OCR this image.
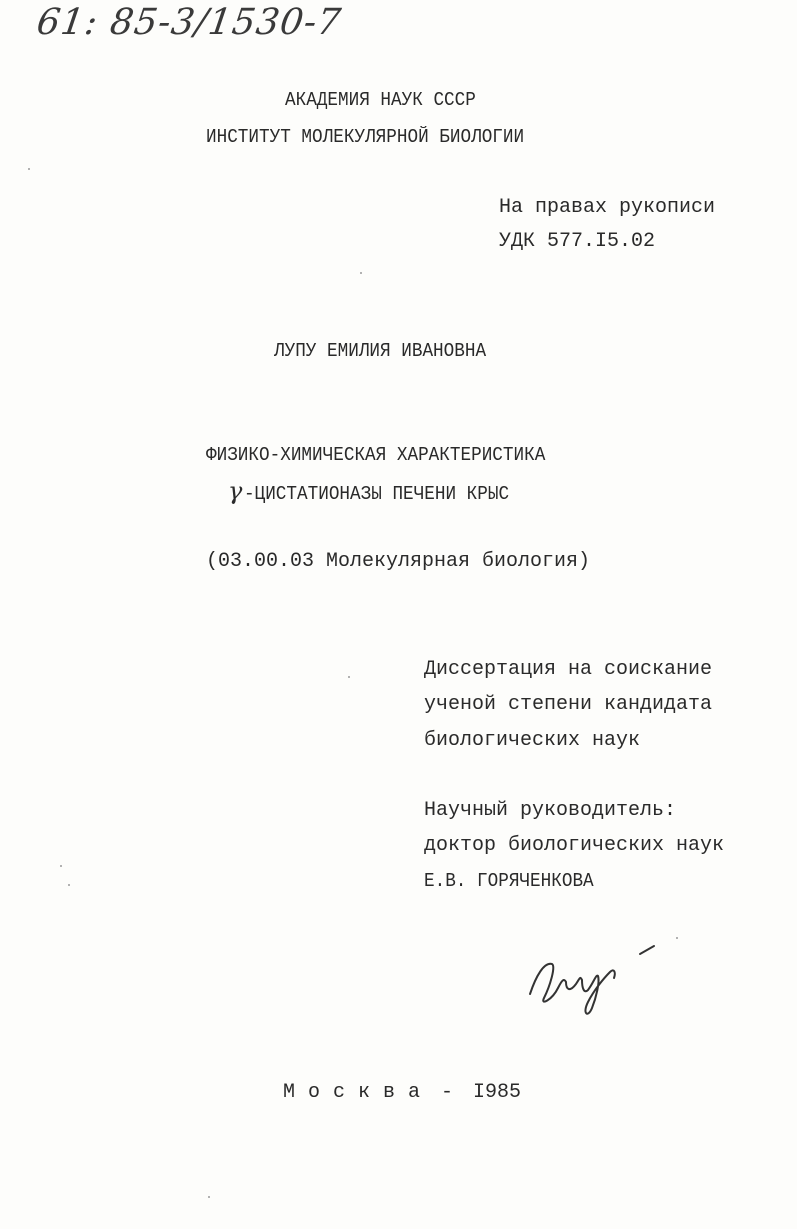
61: 85-3/1530-7
АКАДЕМИЯ НАУК СССР
ИНСТИТУТ МОЛЕКУЛЯРНОЙ БИОЛОГИИ
На правах рукописи
УДК 577.I5.02
ЛУПУ ЕМИЛИЯ ИВАНОВНА
ФИЗИКО-ХИМИЧЕСКАЯ ХАРАКТЕРИСТИКА
γ -ЦИСТАТИОНАЗЫ ПЕЧЕНИ КРЫС
(03.00.03 Молекулярная биология)
Диссертация на соискание
ученой степени кандидата
биологических наук
Научный руководитель:
доктор биологических наук
Е.В. ГОРЯЧЕНКОВА
Москва - I985
